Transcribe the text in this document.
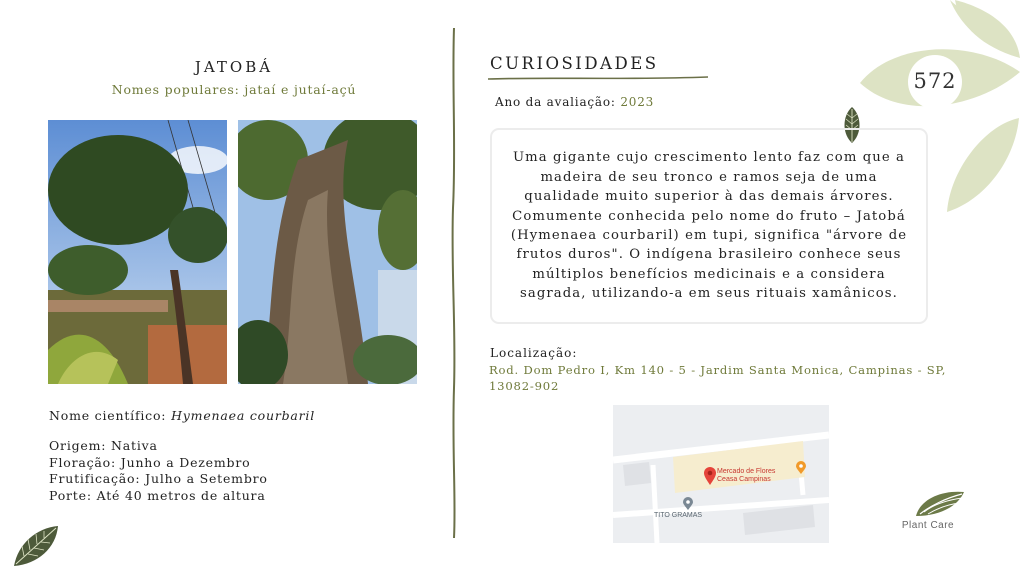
572
JATOBÁ
Nomes populares: jataí e jutaí-açú
Nome científico: Hymenaea courbaril
Origem: Nativa
Floração: Junho a Dezembro
Frutificação: Julho a Setembro
Porte: Até 40 metros de altura
CURIOSIDADES
Ano da avaliação: 2023
Uma gigante cujo crescimento lento faz com que a
madeira de seu tronco e ramos seja de uma
qualidade muito superior à das demais árvores.
Comumente conhecida pelo nome do fruto – Jatobá
(Hymenaea courbaril) em tupi, significa "árvore de
frutos duros". O indígena brasileiro conhece seus
múltiplos benefícios medicinais e a considera
sagrada, utilizando-a em seus rituais xamânicos.
Localização:
Rod. Dom Pedro I, Km 140 - 5 - Jardim Santa Monica, Campinas - SP,
13082-902
Mercado de Flores
Ceasa Campinas
TITO GRAMAS
Plant Care
